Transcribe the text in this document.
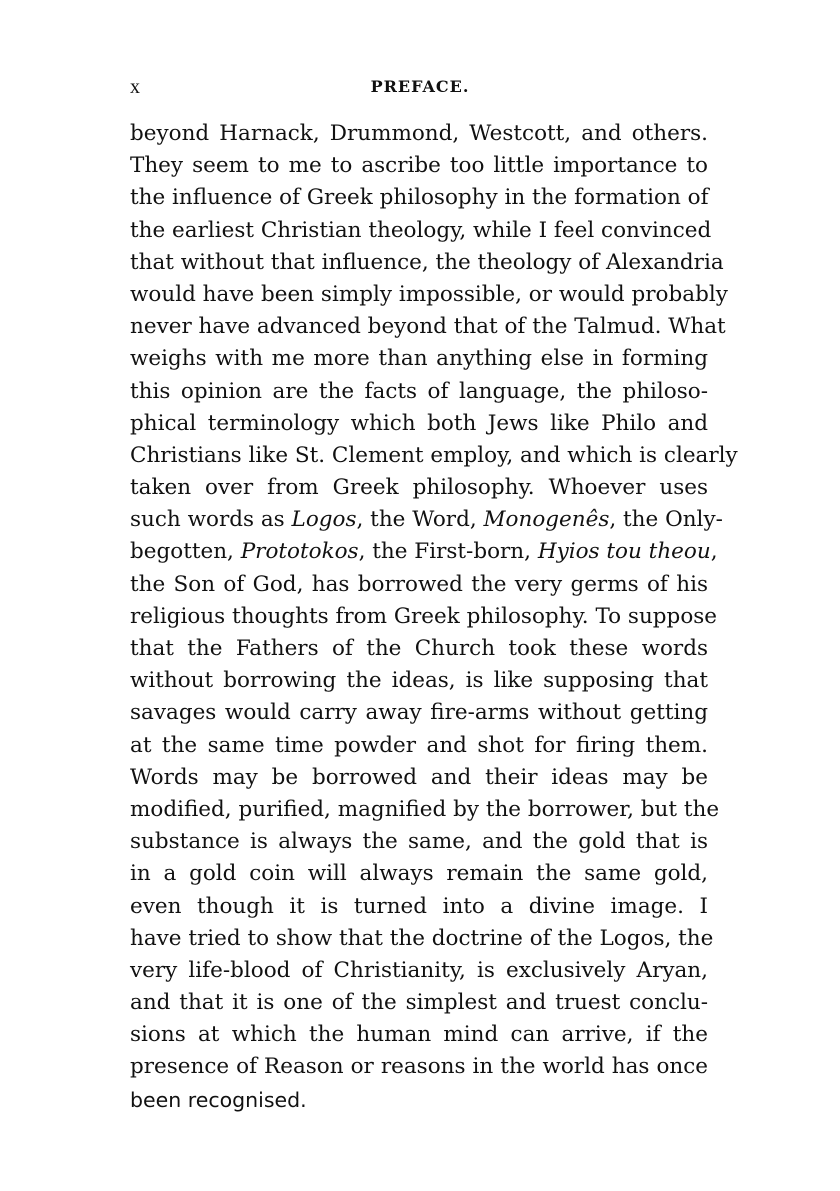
x	PREFACE.
beyond Harnack, Drummond, Westcott, and others.
They seem to me to ascribe too little importance to
the influence of Greek philosophy in the formation of
the earliest Christian theology, while I feel convinced
that without that influence, the theology of Alexandria
would have been simply impossible, or would probably
never have advanced beyond that of the Talmud. What
weighs with me more than anything else in forming
this opinion are the facts of language, the philoso-
phical terminology which both Jews like Philo and
Christians like St. Clement employ, and which is clearly
taken over from Greek philosophy. Whoever uses
such words as Logos, the Word, Monogenês, the Only-
begotten, Prototokos, the First-born, Hyios tou theou,
the Son of God, has borrowed the very germs of his
religious thoughts from Greek philosophy. To suppose
that the Fathers of the Church took these words
without borrowing the ideas, is like supposing that
savages would carry away fire-arms without getting
at the same time powder and shot for firing them.
Words may be borrowed and their ideas may be
modified, purified, magnified by the borrower, but the
substance is always the same, and the gold that is
in a gold coin will always remain the same gold,
even though it is turned into a divine image. I
have tried to show that the doctrine of the Logos, the
very life-blood of Christianity, is exclusively Aryan,
and that it is one of the simplest and truest conclu-
sions at which the human mind can arrive, if the
presence of Reason or reasons in the world has once
been recognised.
